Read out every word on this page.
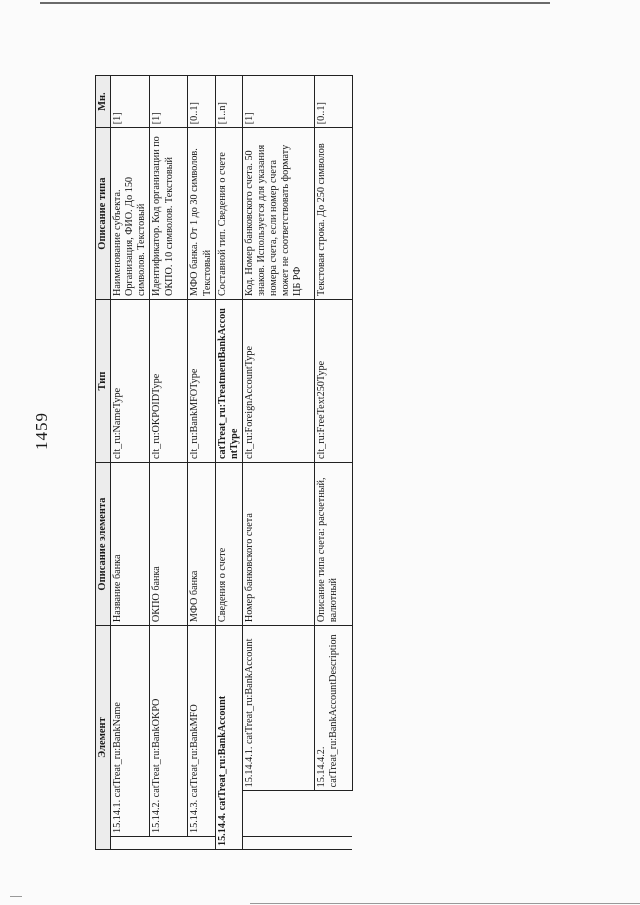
1459
Элемент			Описание элемента	Тип	Описание типа	Мн.
	15.14.1. catTreat_ru:BankName		Название банка	clt_ru:NameType	Наименование субъекта. Организация, ФИО. До 150 символов. Текстовый	[1]
	15.14.2. catTreat_ru:BankOKPO		ОКПО банка	clt_ru:OKPOIDType	Идентификатор. Код организации по ОКПО. 10 символов. Текстовый	[1]
	15.14.3. catTreat_ru:BankMFO		МФО банка	clt_ru:BankMFOType	МФО банка. От 1 до 30 символов. Текстовый	[0..1]
15.14.4. catTreat_ru:BankAccount			Сведения о счете	catTreat_ru:TreatmentBankAccountType	Составной тип. Сведения о счете	[1..n]
		15.14.4.1. catTreat_ru:BankAccount	Номер банковского счета	clt_ru:ForeignAccountType	Код. Номер банковского счета. 50 знаков. Используется для указания номера счета, если номер счета может не соответствовать формату ЦБ РФ	[1]
		15.14.4.2. catTreat_ru:BankAccountDescription	Описание типа счета: расчетный, валютный	clt_ru:FreeText250Type	Текстовая строка. До 250 символов	[0..1]
